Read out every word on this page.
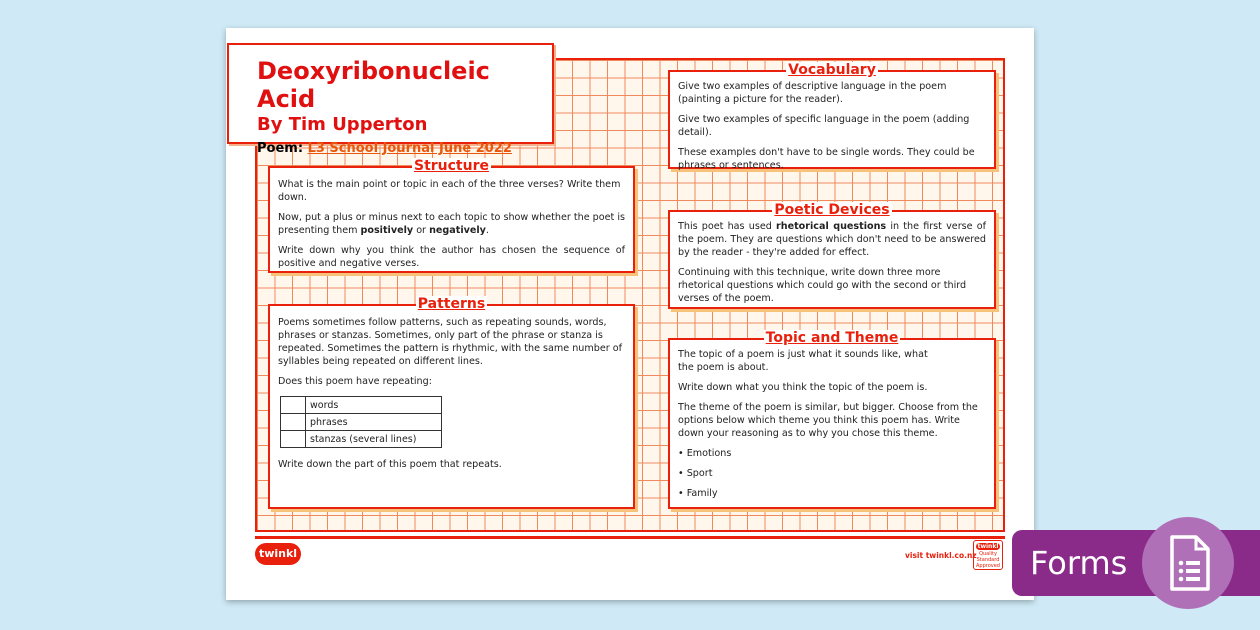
Deoxyribonucleic Acid
By Tim Upperton
Poem: L3 School Journal June 2022
Structure

What is the main point or topic in each of the three verses? Write them down.

Now, put a plus or minus next to each topic to show whether the poet is presenting them positively or negatively.

Write down why you think the author has chosen the sequence of positive and negative verses.

Patterns

Poems sometimes follow patterns, such as repeating sounds, words, phrases or stanzas. Sometimes, only part of the phrase or stanza is repeated. Sometimes the pattern is rhythmic, with the same number of syllables being repeated on different lines.

Does this poem have repeating:

	words
	phrases
	stanzas (several lines)

Write down the part of this poem that repeats.

Vocabulary

Give two examples of descriptive language in the poem (painting a picture for the reader).

Give two examples of specific language in the poem (adding detail).

These examples don't have to be single words. They could be phrases or sentences.

Poetic Devices

This poet has used rhetorical questions in the first verse of the poem. They are questions which don't need to be answered by the reader - they're added for effect.

Continuing with this technique, write down three more rhetorical questions which could go with the second or third verses of the poem.

Topic and Theme

The topic of a poem is just what it sounds like, what the poem is about.

Write down what you think the topic of the poem is.

The theme of the poem is similar, but bigger. Choose from the options below which theme you think this poem has. Write down your reasoning as to why you chose this theme.

• Emotions

• Sport

• Family

twinkl	visit twinkl.co.nz
twinkl
Quality Standard Approved Forms
